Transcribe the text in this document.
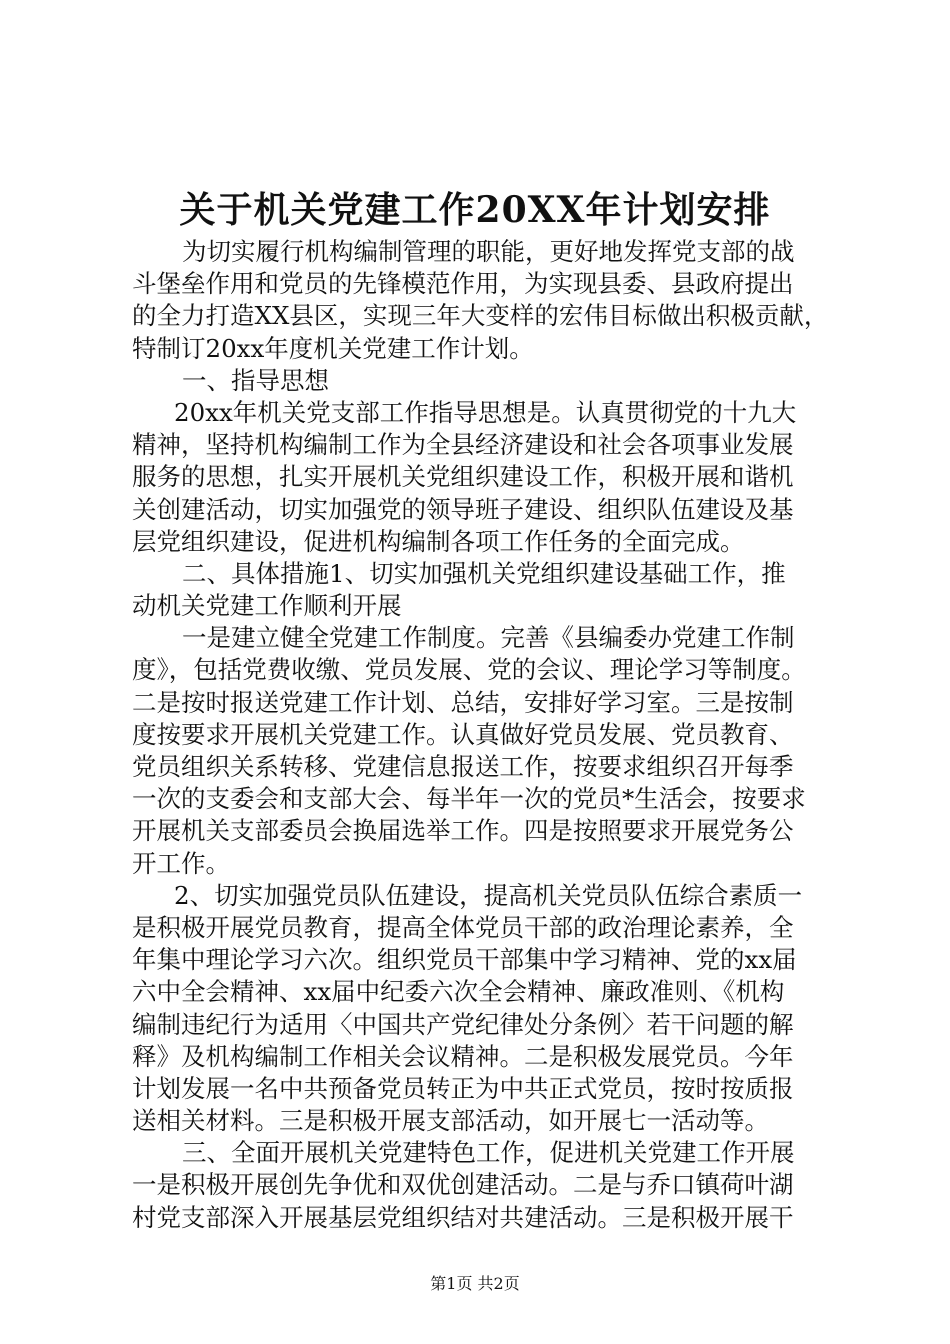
关于机关党建工作20XX年计划安排
为切实履行机构编制管理的职能，更好地发挥党支部的战
斗堡垒作用和党员的先锋模范作用，为实现县委、县政府提出
的全力打造XX县区，实现三年大变样的宏伟目标做出积极贡献，
特制订20xx年度机关党建工作计划。
一、指导思想
20xx年机关党支部工作指导思想是。认真贯彻党的十九大
精神，坚持机构编制工作为全县经济建设和社会各项事业发展
服务的思想，扎实开展机关党组织建设工作，积极开展和谐机
关创建活动，切实加强党的领导班子建设、组织队伍建设及基
层党组织建设，促进机构编制各项工作任务的全面完成。
二、具体措施1、切实加强机关党组织建设基础工作，推
动机关党建工作顺利开展
一是建立健全党建工作制度。完善《县编委办党建工作制
度》，包括党费收缴、党员发展、党的会议、理论学习等制度。
二是按时报送党建工作计划、总结，安排好学习室。三是按制
度按要求开展机关党建工作。认真做好党员发展、党员教育、
党员组织关系转移、党建信息报送工作，按要求组织召开每季
一次的支委会和支部大会、每半年一次的党员*生活会，按要求
开展机关支部委员会换届选举工作。四是按照要求开展党务公
开工作。
2、切实加强党员队伍建设，提高机关党员队伍综合素质一
是积极开展党员教育，提高全体党员干部的政治理论素养，全
年集中理论学习六次。组织党员干部集中学习精神、党的xx届
六中全会精神、xx届中纪委六次全会精神、廉政准则、《机构
编制违纪行为适用〈中国共产党纪律处分条例〉若干问题的解
释》及机构编制工作相关会议精神。二是积极发展党员。今年
计划发展一名中共预备党员转正为中共正式党员，按时按质报
送相关材料。三是积极开展支部活动，如开展七一活动等。
三、全面开展机关党建特色工作，促进机关党建工作开展
一是积极开展创先争优和双优创建活动。二是与乔口镇荷叶湖
村党支部深入开展基层党组织结对共建活动。三是积极开展干
第1页 共2页
